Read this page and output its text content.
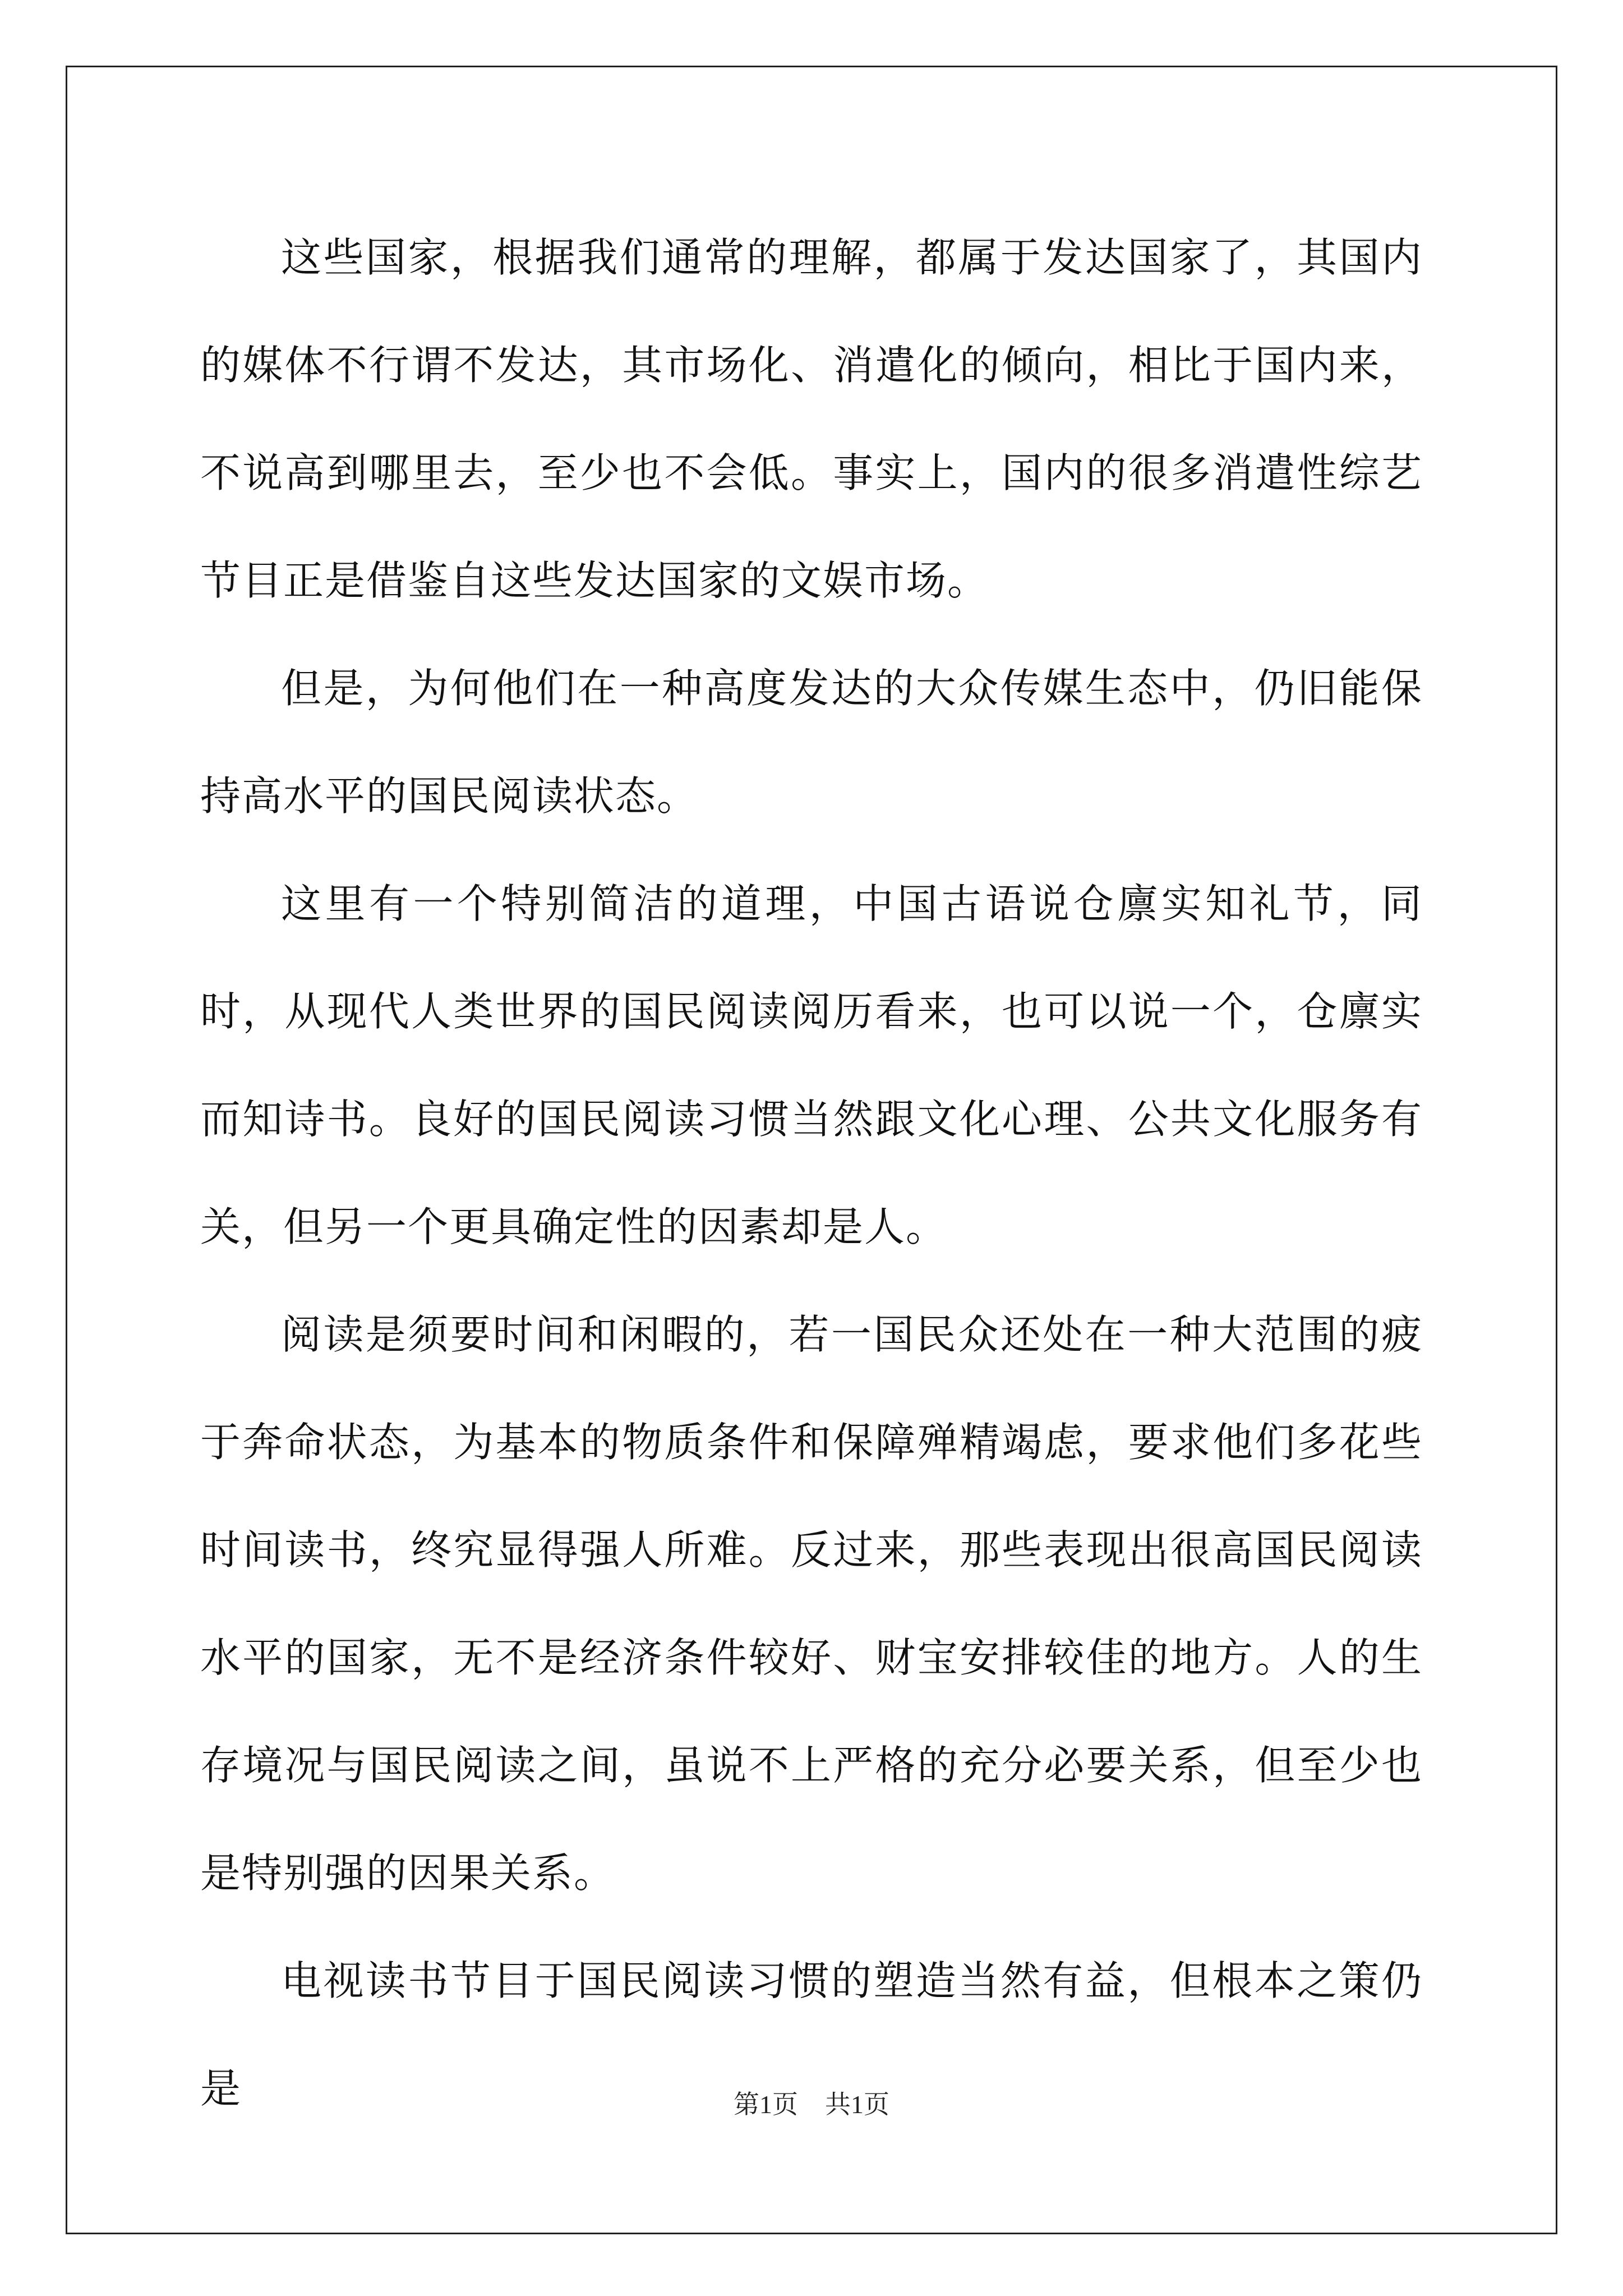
这些国家，根据我们通常的理解，都属于发达国家了，其国内的媒体不行谓不发达，其市场化、消遣化的倾向，相比于国内来，不说高到哪里去，至少也不会低。事实上，国内的很多消遣性综艺节目正是借鉴自这些发达国家的文娱市场。

但是，为何他们在一种高度发达的大众传媒生态中，仍旧能保持高水平的国民阅读状态。

这里有一个特别简洁的道理，中国古语说仓廪实知礼节，同时，从现代人类世界的国民阅读阅历看来，也可以说一个，仓廪实而知诗书。良好的国民阅读习惯当然跟文化心理、公共文化服务有关，但另一个更具确定性的因素却是人。

阅读是须要时间和闲暇的，若一国民众还处在一种大范围的疲于奔命状态，为基本的物质条件和保障殚精竭虑，要求他们多花些时间读书，终究显得强人所难。反过来，那些表现出很高国民阅读水平的国家，无不是经济条件较好、财宝安排较佳的地方。人的生存境况与国民阅读之间，虽说不上严格的充分必要关系，但至少也是特别强的因果关系。

电视读书节目于国民阅读习惯的塑造当然有益，但根本之策仍是	第1页 共1页
